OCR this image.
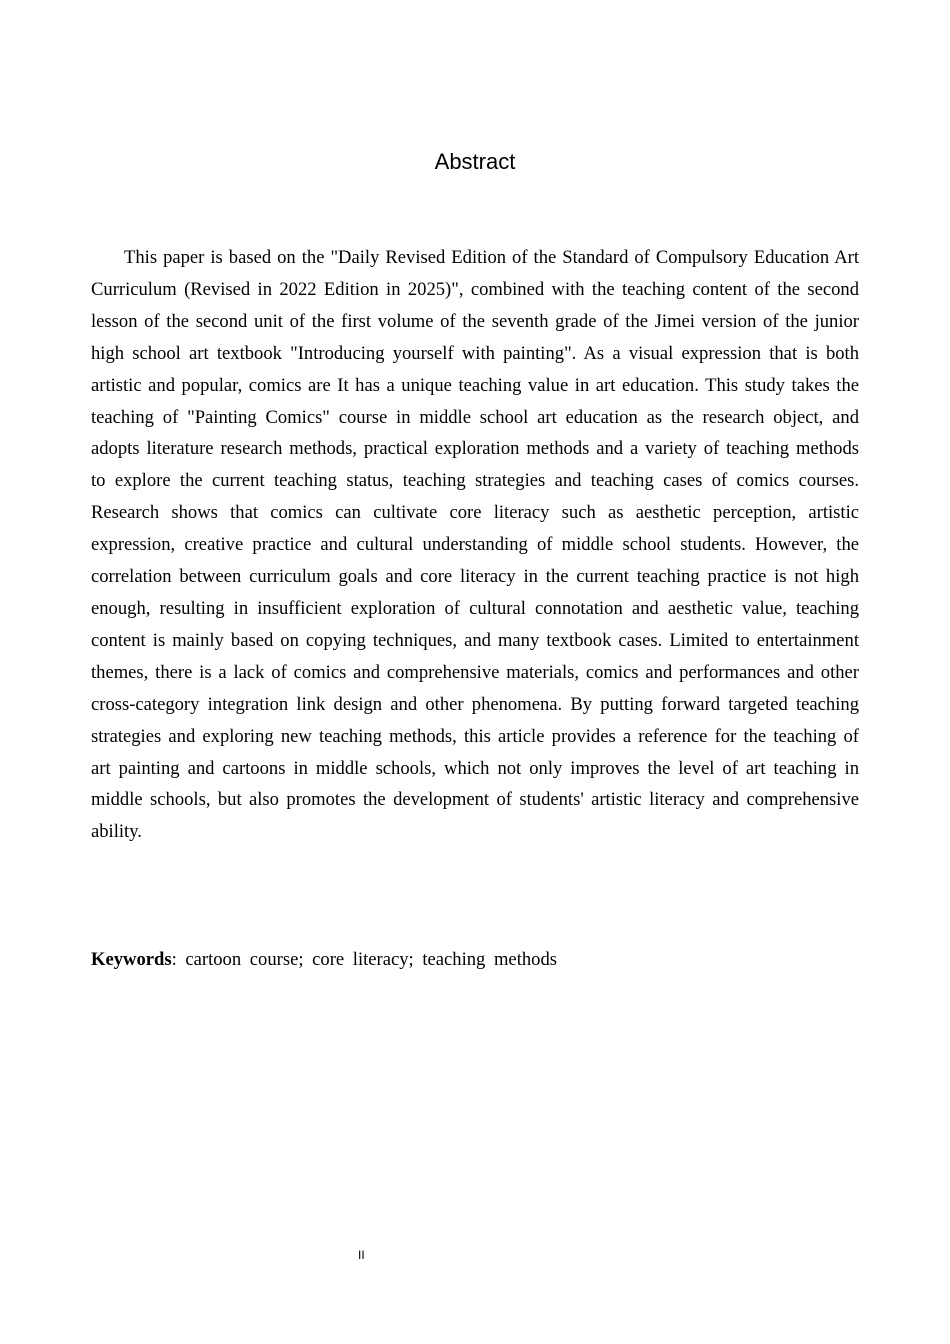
Abstract

This paper is based on the "Daily Revised Edition of the Standard of Compulsory Education Art Curriculum (Revised in 2022 Edition in 2025)", combined with the teaching content of the second lesson of the second unit of the first volume of the seventh grade of the Jimei version of the junior high school art textbook "Introducing yourself with painting". As a visual expression that is both artistic and popular, comics are It has a unique teaching value in art education. This study takes the teaching of "Painting Comics" course in middle school art education as the research object, and adopts literature research methods, practical exploration methods and a variety of teaching methods to explore the current teaching status, teaching strategies and teaching cases of comics courses. Research shows that comics can cultivate core literacy such as aesthetic perception, artistic expression, creative practice and cultural understanding of middle school students. However, the correlation between curriculum goals and core literacy in the current teaching practice is not high enough, resulting in insufficient exploration of cultural connotation and aesthetic value, teaching content is mainly based on copying techniques, and many textbook cases. Limited to entertainment themes, there is a lack of comics and comprehensive materials, comics and performances and other cross-category integration link design and other phenomena. By putting forward targeted teaching strategies and exploring new teaching methods, this article provides a reference for the teaching of art painting and cartoons in middle schools, which not only improves the level of art teaching in middle schools, but also promotes the development of students' artistic literacy and comprehensive ability.

Keywords: cartoon course; core literacy; teaching methods

II
